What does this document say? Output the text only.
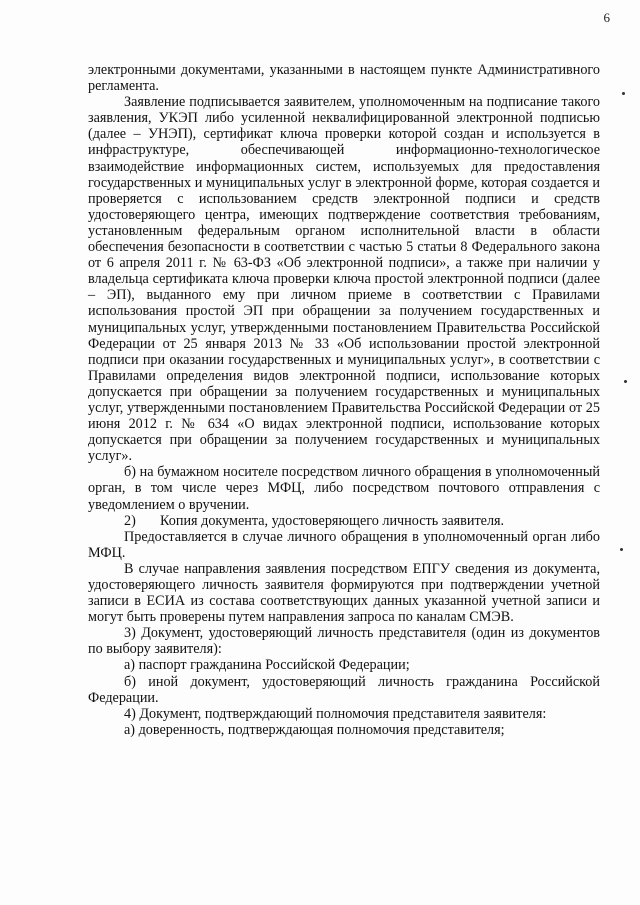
6

электронными документами, указанными в настоящем пункте Административного регламента.

Заявление подписывается заявителем, уполномоченным на подписание такого заявления, УКЭП либо усиленной неквалифицированной электронной подписью (далее – УНЭП), сертификат ключа проверки которой создан и используется в инфраструктуре, обеспечивающей информационно-технологическое взаимодействие информационных систем, используемых для предоставления государственных и муниципальных услуг в электронной форме, которая создается и проверяется с использованием средств электронной подписи и средств удостоверяющего центра, имеющих подтверждение соответствия требованиям, установленным федеральным органом исполнительной власти в области обеспечения безопасности в соответствии с частью 5 статьи 8 Федерального закона от 6 апреля 2011 г. № 63-ФЗ «Об электронной подписи», а также при наличии у владельца сертификата ключа проверки ключа простой электронной подписи (далее – ЭП), выданного ему при личном приеме в соответствии с Правилами использования простой ЭП при обращении за получением государственных и муниципальных услуг, утвержденными постановлением Правительства Российской Федерации от 25 января 2013 № 33 «Об использовании простой электронной подписи при оказании государственных и муниципальных услуг», в соответствии с Правилами определения видов электронной подписи, использование которых допускается при обращении за получением государственных и муниципальных услуг, утвержденными постановлением Правительства Российской Федерации от 25 июня 2012 г. № 634 «О видах электронной подписи, использование которых допускается при обращении за получением государственных и муниципальных услуг».

б) на бумажном носителе посредством личного обращения в уполномоченный орган, в том числе через МФЦ, либо посредством почтового отправления с уведомлением о вручении.

2)	Копия документа, удостоверяющего личность заявителя.

Предоставляется в случае личного обращения в уполномоченный орган либо МФЦ.

В случае направления заявления посредством ЕПГУ сведения из документа, удостоверяющего личность заявителя формируются при подтверждении учетной записи в ЕСИА из состава соответствующих данных указанной учетной записи и могут быть проверены путем направления запроса по каналам СМЭВ.

3) Документ, удостоверяющий личность представителя (один из документов по выбору заявителя):

а) паспорт гражданина Российской Федерации;

б) иной документ, удостоверяющий личность гражданина Российской Федерации.

4) Документ, подтверждающий полномочия представителя заявителя:

а) доверенность, подтверждающая полномочия представителя;
